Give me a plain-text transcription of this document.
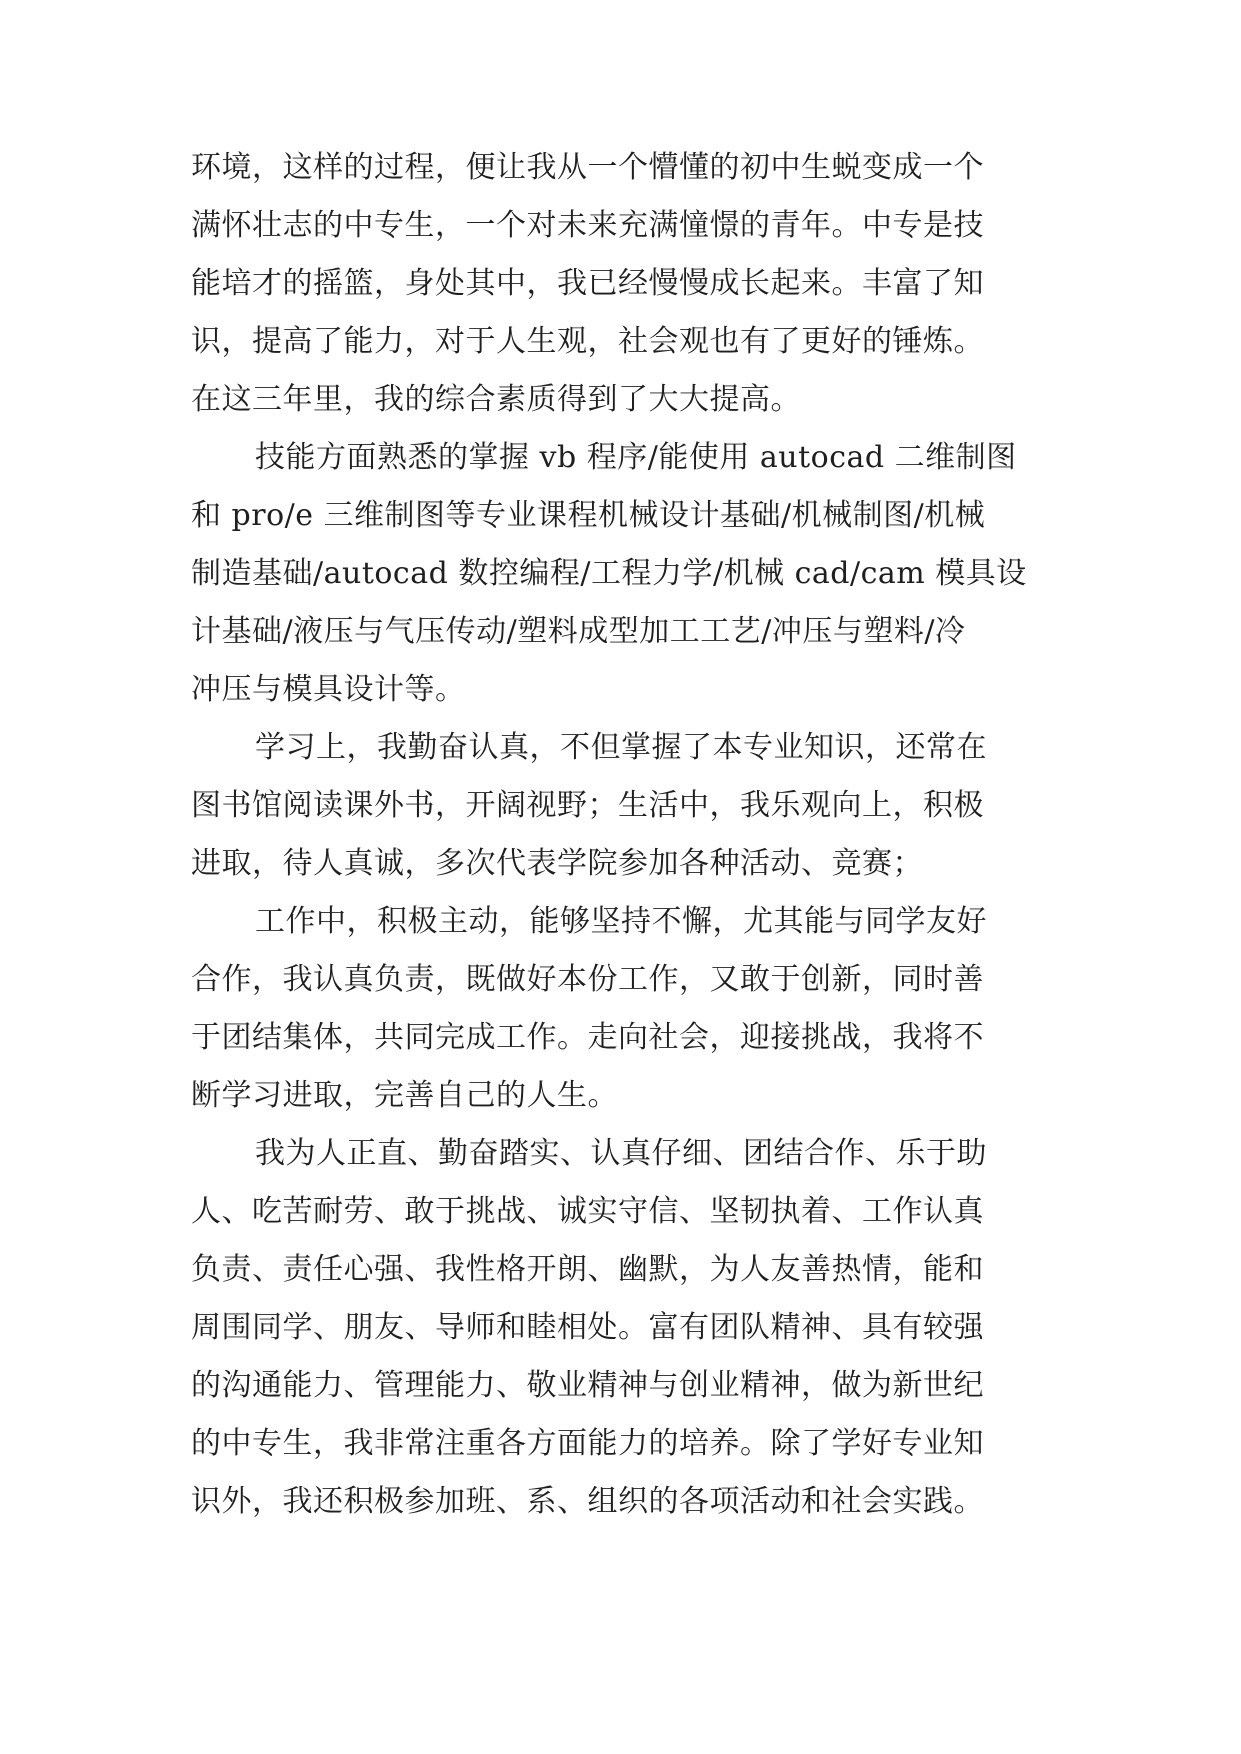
环境，这样的过程，便让我从一个懵懂的初中生蜕变成一个
满怀壮志的中专生，一个对未来充满憧憬的青年。中专是技
能培才的摇篮，身处其中，我已经慢慢成长起来。丰富了知
识，提高了能力，对于人生观，社会观也有了更好的锤炼。
在这三年里，我的综合素质得到了大大提高。
技能方面熟悉的掌握 vb 程序/能使用 autocad 二维制图
和 pro/e 三维制图等专业课程机械设计基础/机械制图/机械
制造基础/autocad 数控编程/工程力学/机械 cad/cam 模具设
计基础/液压与气压传动/塑料成型加工工艺/冲压与塑料/冷
冲压与模具设计等。
学习上，我勤奋认真，不但掌握了本专业知识，还常在
图书馆阅读课外书，开阔视野；生活中，我乐观向上，积极
进取，待人真诚，多次代表学院参加各种活动、竞赛；
工作中，积极主动，能够坚持不懈，尤其能与同学友好
合作，我认真负责，既做好本份工作，又敢于创新，同时善
于团结集体，共同完成工作。走向社会，迎接挑战，我将不
断学习进取，完善自己的人生。
我为人正直、勤奋踏实、认真仔细、团结合作、乐于助
人、吃苦耐劳、敢于挑战、诚实守信、坚韧执着、工作认真
负责、责任心强、我性格开朗、幽默，为人友善热情，能和
周围同学、朋友、导师和睦相处。富有团队精神、具有较强
的沟通能力、管理能力、敬业精神与创业精神，做为新世纪
的中专生，我非常注重各方面能力的培养。除了学好专业知
识外，我还积极参加班、系、组织的各项活动和社会实践。
